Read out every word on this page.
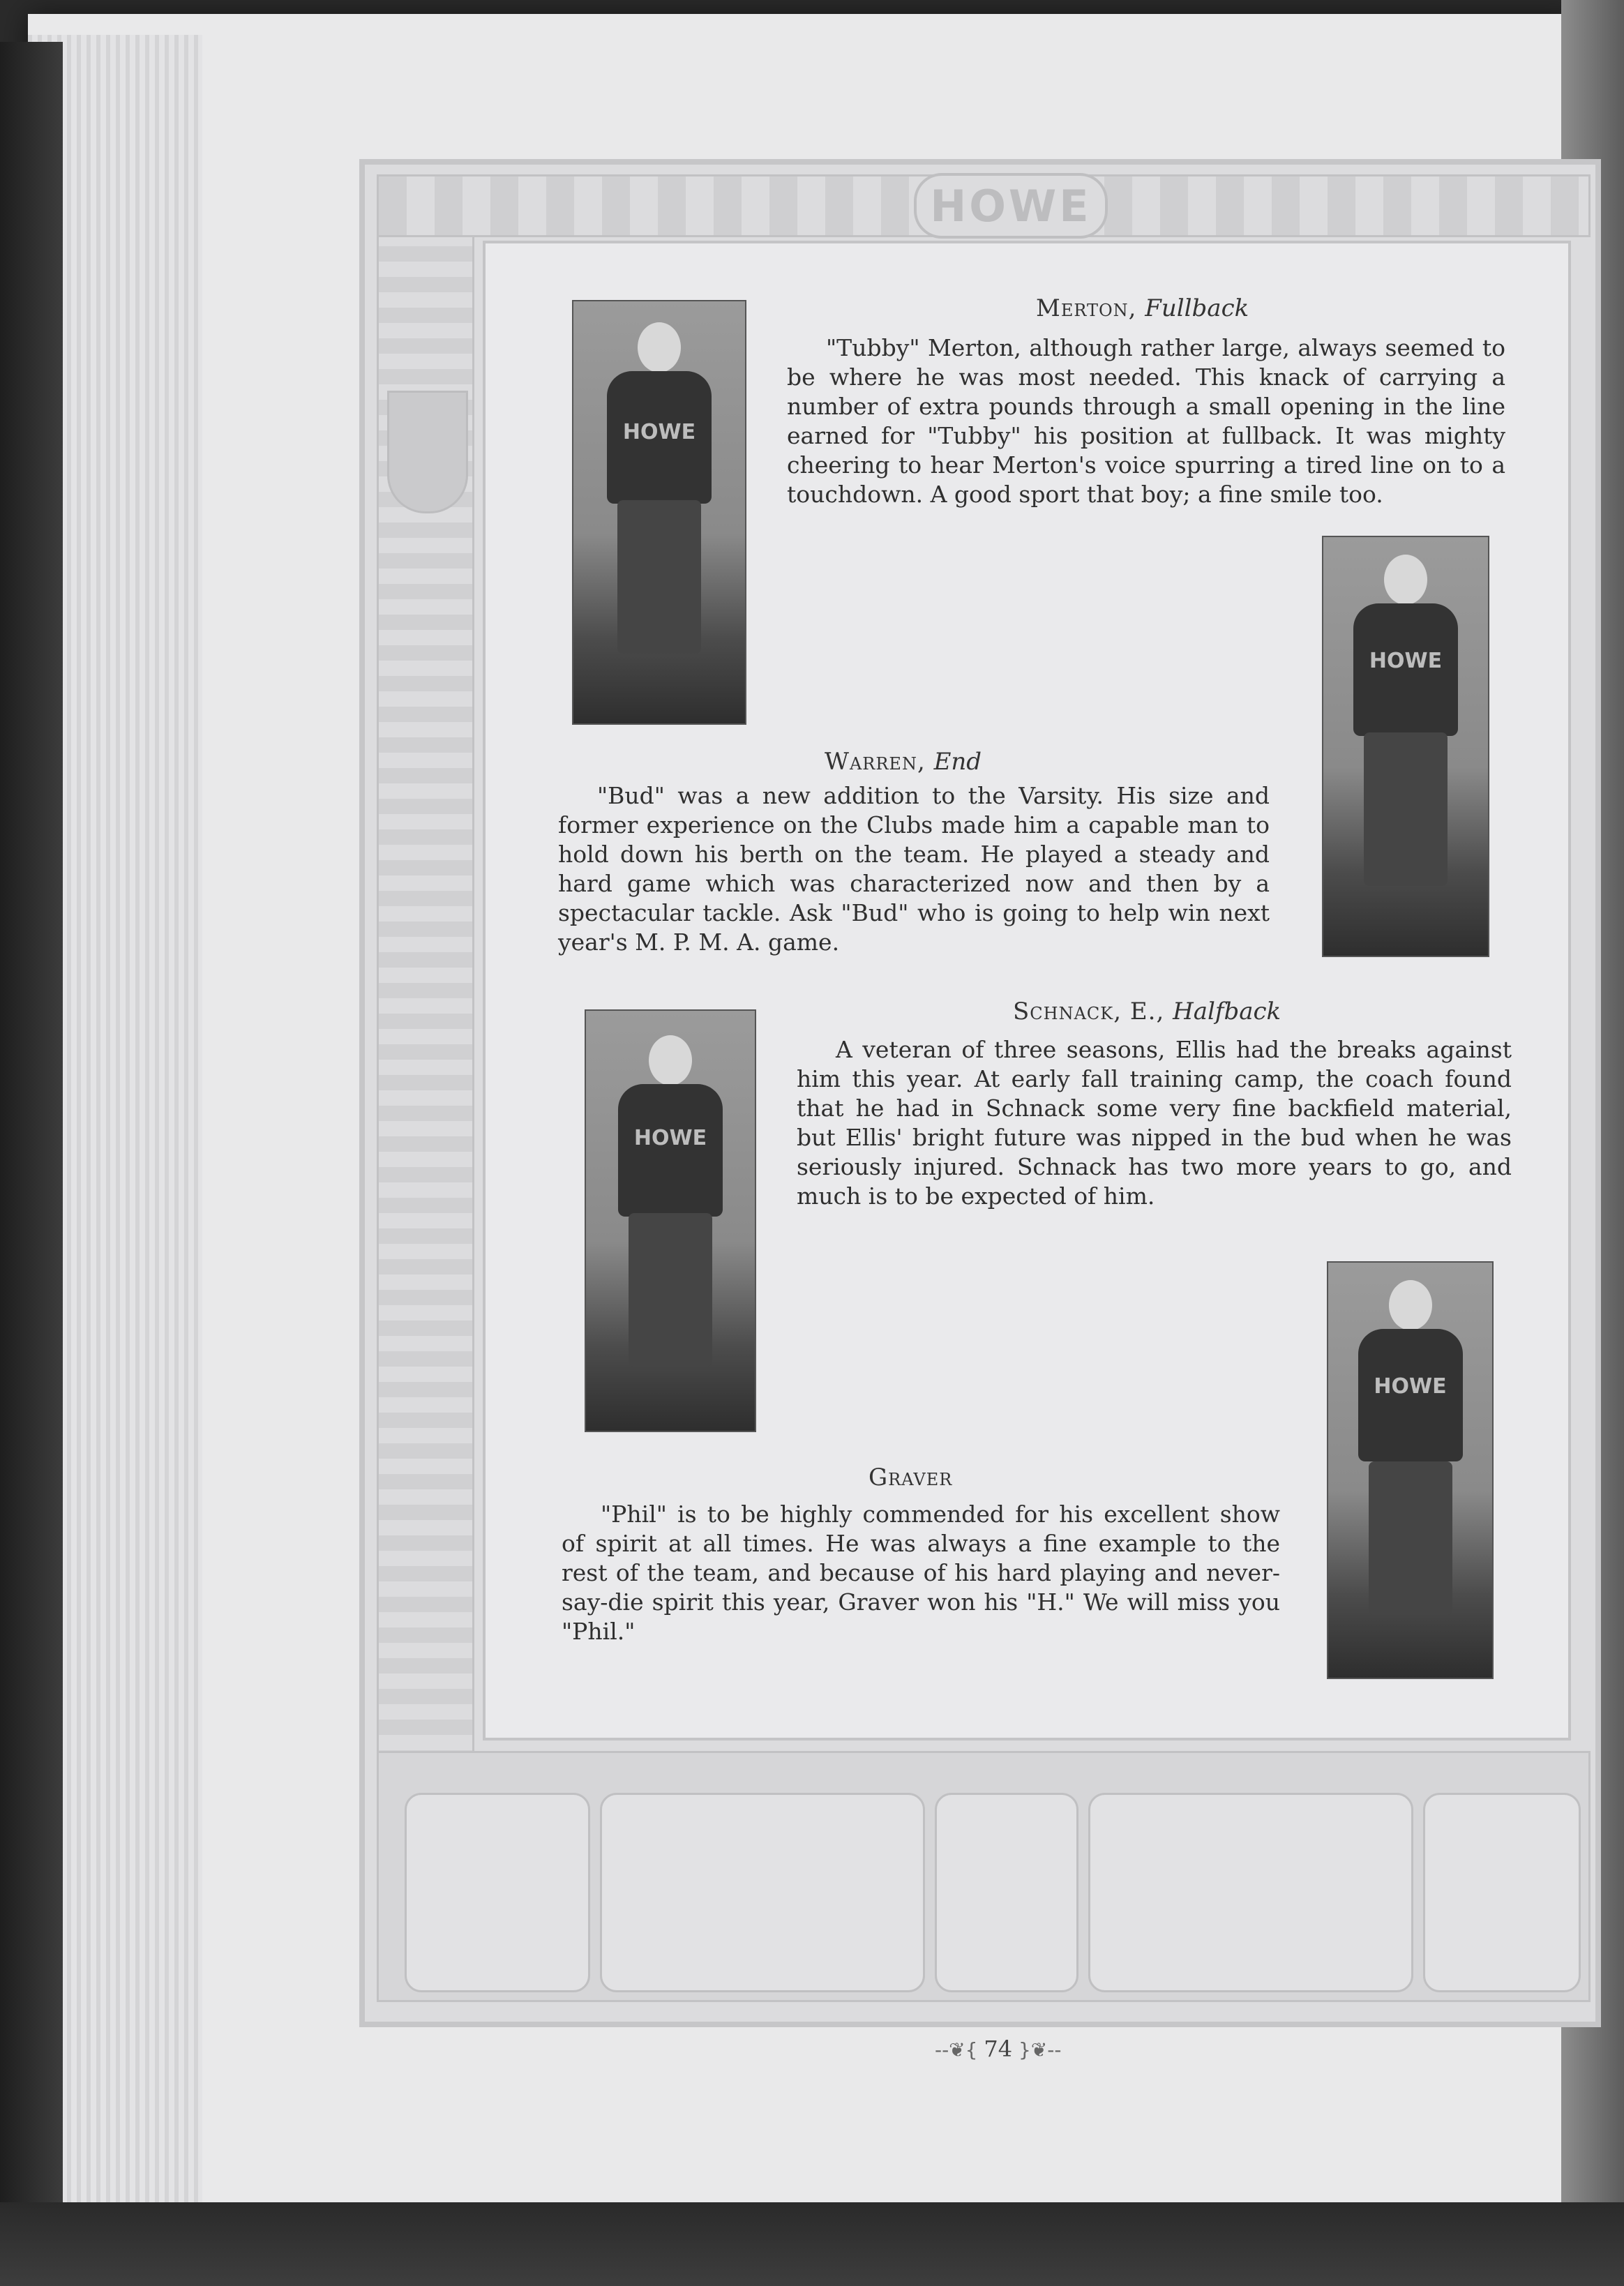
HOWE
HOWE
HOWE
HOWE
HOWE
Merton, Fullback

"Tubby" Merton, although rather large, always seemed to be where he was most needed. This knack of carrying a number of extra pounds through a small opening in the line earned for "Tubby" his position at fullback. It was mighty cheering to hear Merton's voice spurring a tired line on to a touchdown. A good sport that boy; a fine smile too.

Warren, End

"Bud" was a new addition to the Varsity. His size and former experience on the Clubs made him a capable man to hold down his berth on the team. He played a steady and hard game which was characterized now and then by a spectacular tackle. Ask "Bud" who is going to help win next year's M. P. M. A. game.

Schnack, E., Halfback

A veteran of three seasons, Ellis had the breaks against him this year. At early fall training camp, the coach found that he had in Schnack some very fine backfield material, but Ellis' bright future was nipped in the bud when he was seriously injured. Schnack has two more years to go, and much is to be expected of him.

Graver

"Phil" is to be highly commended for his excellent show of spirit at all times. He was always a fine example to the rest of the team, and because of his hard playing and never-say-die spirit this year, Graver won his "H." We will miss you "Phil."

--❦{ 74 }❦--
